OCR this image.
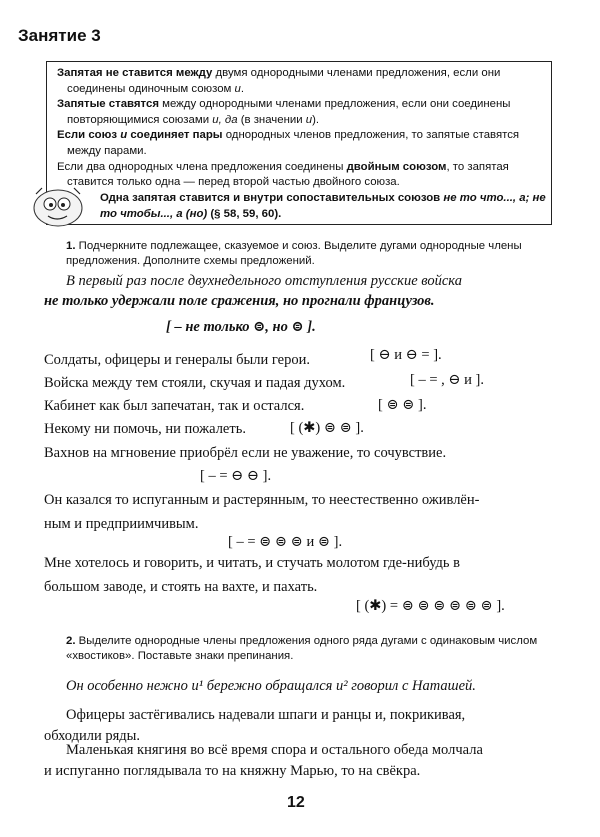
Занятие 3

Запятая не ставится между двумя однородными членами предложения, если они соединены одиночным союзом и.

Запятые ставятся между однородными членами предложения, если они соединены повторяющимися союзами и, да (в значении и).

Если союз и соединяет пары однородных членов предложения, то запятые ставятся между парами.

Если два однородных члена предложения соединены двойным союзом, то запятая ставится только одна — перед второй частью двойного союза.

Одна запятая ставится и внутри сопоставительных союзов не то что..., а; не то чтобы..., а (но) (§ 58, 59, 60).
1. Подчеркните подлежащее, сказуемое и союз. Выделите дугами однородные члены предложения. Дополните схемы предложений.
В первый раз после двухнедельного отступления русские войска
не только удержали поле сражения, но прогнали французов.
[ – не только ⊜, но ⊜ ].
Солдаты, офицеры и генералы были герои.	[ ⊖ и ⊖ = ].
Войска между тем стояли, скучая и падая духом.	[ – = , ⊖ и ].
Кабинет как был запечатан, так и остался.	[ ⊜ ⊜ ].
Некому ни помочь, ни пожалеть.	[ (✱) ⊜ ⊜ ].
Вахнов на мгновение приобрёл если не уважение, то сочувствие.
[ – = ⊖ ⊖ ].
Он казался то испуганным и растерянным, то неестественно оживлён-
ным и предприимчивым.
[ – = ⊜ ⊜ ⊜ и ⊜ ].
Мне хотелось и говорить, и читать, и стучать молотом где-нибудь в
большом заводе, и стоять на вахте, и пахать.
[ (✱) = ⊜ ⊜ ⊜ ⊜ ⊜ ⊜ ].
2. Выделите однородные члены предложения одного ряда дугами с одинаковым числом «хвостиков». Поставьте знаки препинания.
Он особенно нежно и¹ бережно обращался и² говорил с Наташей.
Офицеры застёгивались надевали шпаги и ранцы и, покрикивая,
обходили ряды.
Маленькая княгиня во всё время спора и остального обеда молчала
и испуганно поглядывала то на княжну Марью, то на свёкра.
12
